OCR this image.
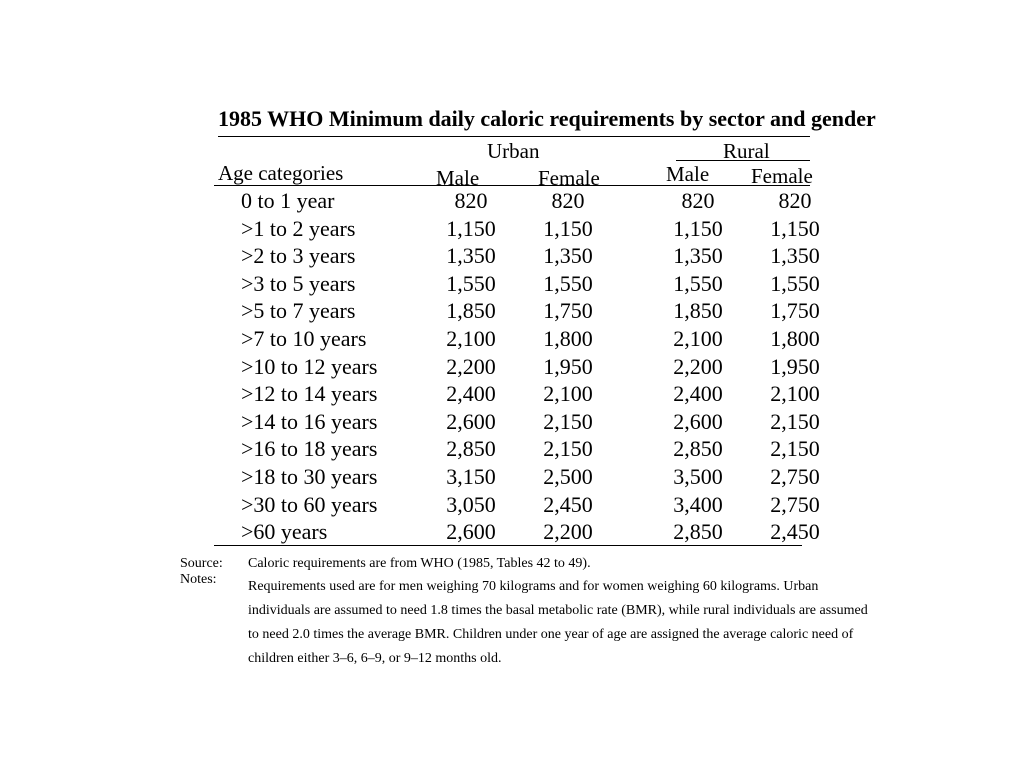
1985 WHO Minimum daily caloric requirements by sector and gender
Urban	Rural
Age categories	Male	Female	Male Female
0 to 1 year	820	820	820	820
>1 to 2 years	1,150	1,150	1,150	1,150
>2 to 3 years	1,350	1,350	1,350	1,350
>3 to 5 years	1,550	1,550	1,550	1,550
>5 to 7 years	1,850	1,750	1,850	1,750
>7 to 10 years	2,100	1,800	2,100	1,800
>10 to 12 years	2,200	1,950	2,200	1,950
>12 to 14 years	2,400	2,100	2,400	2,100
>14 to 16 years	2,600	2,150	2,600	2,150
>16 to 18 years	2,850	2,150	2,850	2,150
>18 to 30 years	3,150	2,500	3,500	2,750
>30 to 60 years	3,050	2,450	3,400	2,750
>60 years	2,600	2,200	2,850	2,450
Source:
Notes:
Caloric requirements are from WHO (1985, Tables 42 to 49).
Requirements used are for men weighing 70 kilograms and for women weighing 60 kilograms. Urban
individuals are assumed to need 1.8 times the basal metabolic rate (BMR), while rural individuals are assumed
to need 2.0 times the average BMR. Children under one year of age are assigned the average caloric need of
children either 3–6, 6–9, or 9–12 months old.
